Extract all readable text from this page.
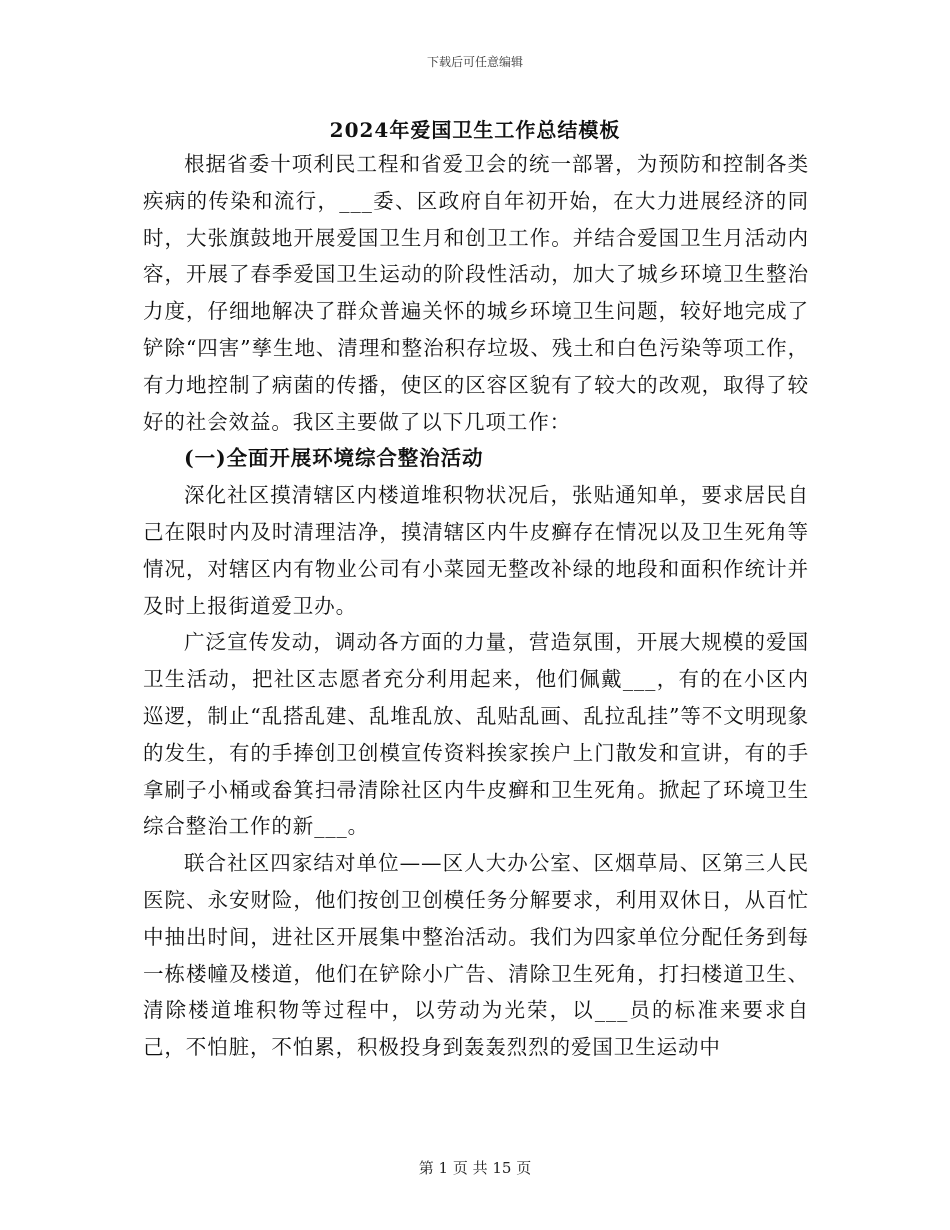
下载后可任意编辑
2024年爱国卫生工作总结模板

根据省委十项利民工程和省爱卫会的统一部署，为预防和控制各类疾病的传染和流行，___委、区政府自年初开始，在大力进展经济的同时，大张旗鼓地开展爱国卫生月和创卫工作。并结合爱国卫生月活动内容，开展了春季爱国卫生运动的阶段性活动，加大了城乡环境卫生整治力度，仔细地解决了群众普遍关怀的城乡环境卫生问题，较好地完成了铲除“四害”孳生地、清理和整治积存垃圾、残土和白色污染等项工作，有力地控制了病菌的传播，使区的区容区貌有了较大的改观，取得了较好的社会效益。我区主要做了以下几项工作：

(一)全面开展环境综合整治活动

深化社区摸清辖区内楼道堆积物状况后，张贴通知单，要求居民自己在限时内及时清理洁净，摸清辖区内牛皮癣存在情况以及卫生死角等情况，对辖区内有物业公司有小菜园无整改补绿的地段和面积作统计并及时上报街道爱卫办。

广泛宣传发动，调动各方面的力量，营造氛围，开展大规模的爱国卫生活动，把社区志愿者充分利用起来，他们佩戴___，有的在小区内巡逻，制止“乱搭乱建、乱堆乱放、乱贴乱画、乱拉乱挂”等不文明现象的发生，有的手捧创卫创模宣传资料挨家挨户上门散发和宣讲，有的手拿刷子小桶或畚箕扫帚清除社区内牛皮癣和卫生死角。掀起了环境卫生综合整治工作的新___。

联合社区四家结对单位——区人大办公室、区烟草局、区第三人民医院、永安财险，他们按创卫创模任务分解要求，利用双休日，从百忙中抽出时间，进社区开展集中整治活动。我们为四家单位分配任务到每一栋楼幢及楼道，他们在铲除小广告、清除卫生死角，打扫楼道卫生、清除楼道堆积物等过程中，以劳动为光荣，以___员的标准来要求自己，不怕脏，不怕累，积极投身到轰轰烈烈的爱国卫生运动中

第 1 页 共 15 页
